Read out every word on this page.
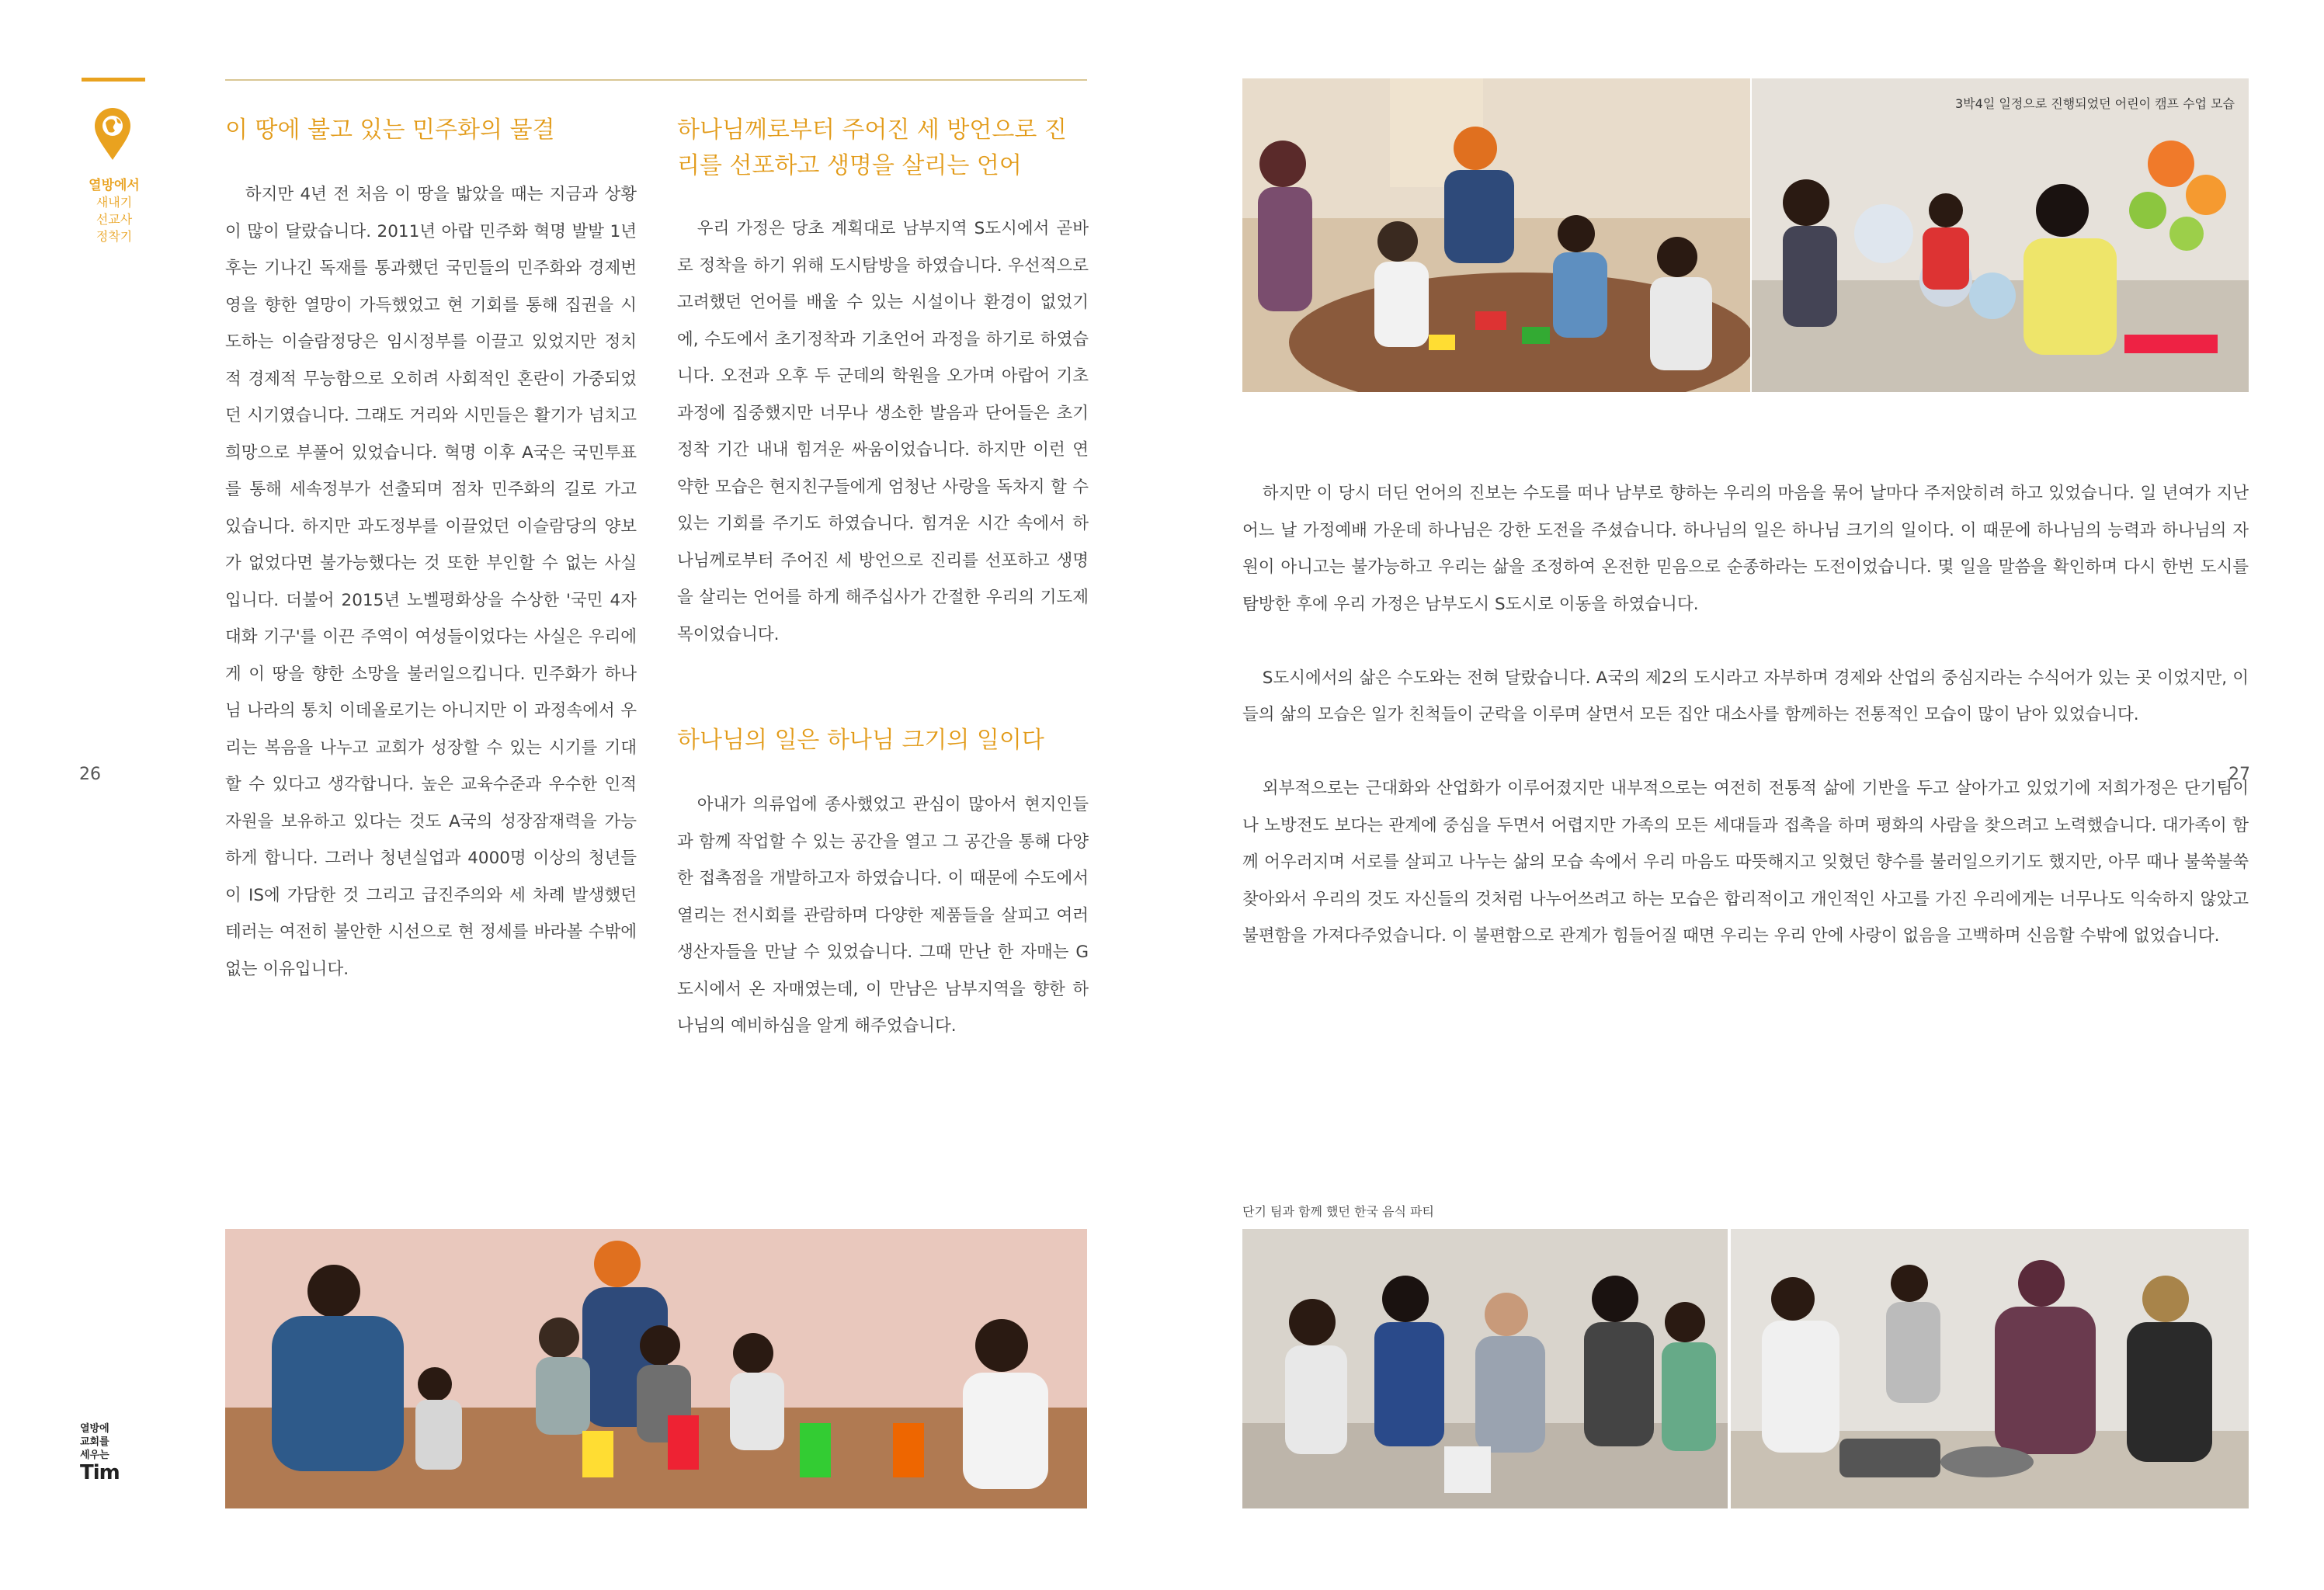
열방에서
새내기
선교사
정착기
이 땅에 불고 있는 민주화의 물결

하지만 4년 전 처음 이 땅을 밟았을 때는 지금과 상황이 많이 달랐습니다. 2011년 아랍 민주화 혁명 발발 1년 후는 기나긴 독재를 통과했던 국민들의 민주화와 경제번영을 향한 열망이 가득했었고 현 기회를 통해 집권을 시도하는 이슬람정당은 임시정부를 이끌고 있었지만 정치적 경제적 무능함으로 오히려 사회적인 혼란이 가중되었던 시기였습니다. 그래도 거리와 시민들은 활기가 넘치고 희망으로 부풀어 있었습니다. 혁명 이후 A국은 국민투표를 통해 세속정부가 선출되며 점차 민주화의 길로 가고 있습니다. 하지만 과도정부를 이끌었던 이슬람당의 양보가 없었다면 불가능했다는 것 또한 부인할 수 없는 사실입니다. 더불어 2015년 노벨평화상을 수상한 '국민 4자 대화 기구'를 이끈 주역이 여성들이었다는 사실은 우리에게 이 땅을 향한 소망을 불러일으킵니다. 민주화가 하나님 나라의 통치 이데올로기는 아니지만 이 과정속에서 우리는 복음을 나누고 교회가 성장할 수 있는 시기를 기대할 수 있다고 생각합니다. 높은 교육수준과 우수한 인적자원을 보유하고 있다는 것도 A국의 성장잠재력을 가능하게 합니다. 그러나 청년실업과 4000명 이상의 청년들이 IS에 가담한 것 그리고 급진주의와 세 차례 발생했던 테러는 여전히 불안한 시선으로 현 정세를 바라볼 수밖에 없는 이유입니다.

하나님께로부터 주어진 세 방언으로 진리를 선포하고 생명을 살리는 언어

우리 가정은 당초 계획대로 남부지역 S도시에서 곧바로 정착을 하기 위해 도시탐방을 하였습니다. 우선적으로 고려했던 언어를 배울 수 있는 시설이나 환경이 없었기에, 수도에서 초기정착과 기초언어 과정을 하기로 하였습니다. 오전과 오후 두 군데의 학원을 오가며 아랍어 기초과정에 집중했지만 너무나 생소한 발음과 단어들은 초기정착 기간 내내 힘겨운 싸움이었습니다. 하지만 이런 연약한 모습은 현지친구들에게 엄청난 사랑을 독차지 할 수 있는 기회를 주기도 하였습니다. 힘겨운 시간 속에서 하나님께로부터 주어진 세 방언으로 진리를 선포하고 생명을 살리는 언어를 하게 해주십사가 간절한 우리의 기도제목이었습니다.

하나님의 일은 하나님 크기의 일이다

아내가 의류업에 종사했었고 관심이 많아서 현지인들과 함께 작업할 수 있는 공간을 열고 그 공간을 통해 다양한 접촉점을 개발하고자 하였습니다. 이 때문에 수도에서 열리는 전시회를 관람하며 다양한 제품들을 살피고 여러 생산자들을 만날 수 있었습니다. 그때 만난 한 자매는 G도시에서 온 자매였는데, 이 만남은 남부지역을 향한 하나님의 예비하심을 알게 해주었습니다.

26	27
3박4일 일정으로 진행되었던 어린이 캠프 수업 모습

하지만 이 당시 더딘 언어의 진보는 수도를 떠나 남부로 향하는 우리의 마음을 묶어 날마다 주저앉히려 하고 있었습니다. 일 년여가 지난 어느 날 가정예배 가운데 하나님은 강한 도전을 주셨습니다. 하나님의 일은 하나님 크기의 일이다. 이 때문에 하나님의 능력과 하나님의 자원이 아니고는 불가능하고 우리는 삶을 조정하여 온전한 믿음으로 순종하라는 도전이었습니다. 몇 일을 말씀을 확인하며 다시 한번 도시를 탐방한 후에 우리 가정은 남부도시 S도시로 이동을 하였습니다.

S도시에서의 삶은 수도와는 전혀 달랐습니다. A국의 제2의 도시라고 자부하며 경제와 산업의 중심지라는 수식어가 있는 곳 이었지만, 이들의 삶의 모습은 일가 친척들이 군락을 이루며 살면서 모든 집안 대소사를 함께하는 전통적인 모습이 많이 남아 있었습니다.

외부적으로는 근대화와 산업화가 이루어졌지만 내부적으로는 여전히 전통적 삶에 기반을 두고 살아가고 있었기에 저희가정은 단기팀이나 노방전도 보다는 관계에 중심을 두면서 어렵지만 가족의 모든 세대들과 접촉을 하며 평화의 사람을 찾으려고 노력했습니다. 대가족이 함께 어우러지며 서로를 살피고 나누는 삶의 모습 속에서 우리 마음도 따뜻해지고 잊혔던 향수를 불러일으키기도 했지만, 아무 때나 불쑥불쑥 찾아와서 우리의 것도 자신들의 것처럼 나누어쓰려고 하는 모습은 합리적이고 개인적인 사고를 가진 우리에게는 너무나도 익숙하지 않았고 불편함을 가져다주었습니다. 이 불편함으로 관계가 힘들어질 때면 우리는 우리 안에 사랑이 없음을 고백하며 신음할 수밖에 없었습니다.

단기 팀과 함께 했던 한국 음식 파티
열방에
교회를
세우는
Tim
